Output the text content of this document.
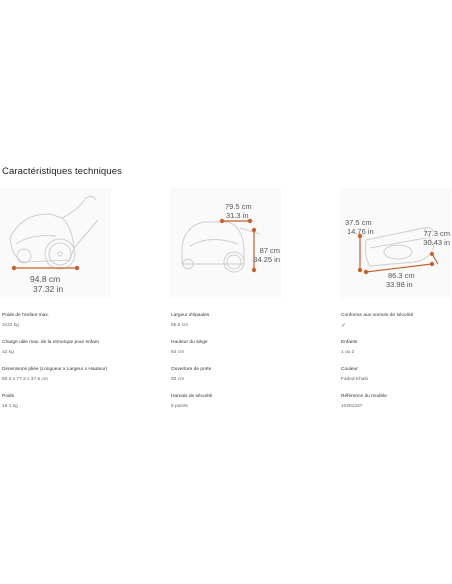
Caractéristiques techniques
94.8 cm
37.32 in
79.5 cm
31.3 in
87 cm
34.25 in
37.5 cm
14.76 in	77.3 cm
30.43 in
86.3 cm
33.98 in
Poids de l'enfant max.
2x22 kg
Charge utile max. de la remorque pour enfant
42 kg
Dimensions pliée (Longueur x Largeur x Hauteur)
86.3 x 77.3 x 37.5 cm
Poids
16.1 kg
Largeur d'épaules
55.5 cm
Hauteur du siège
64 cm
Ouverture de porte
80 cm
Harnais de sécurité
5 points
Conforme aux normes de sécurité
✓
Enfants
1 ou 2
Couleur
Faded Khaki
Référence du modèle
10201037
